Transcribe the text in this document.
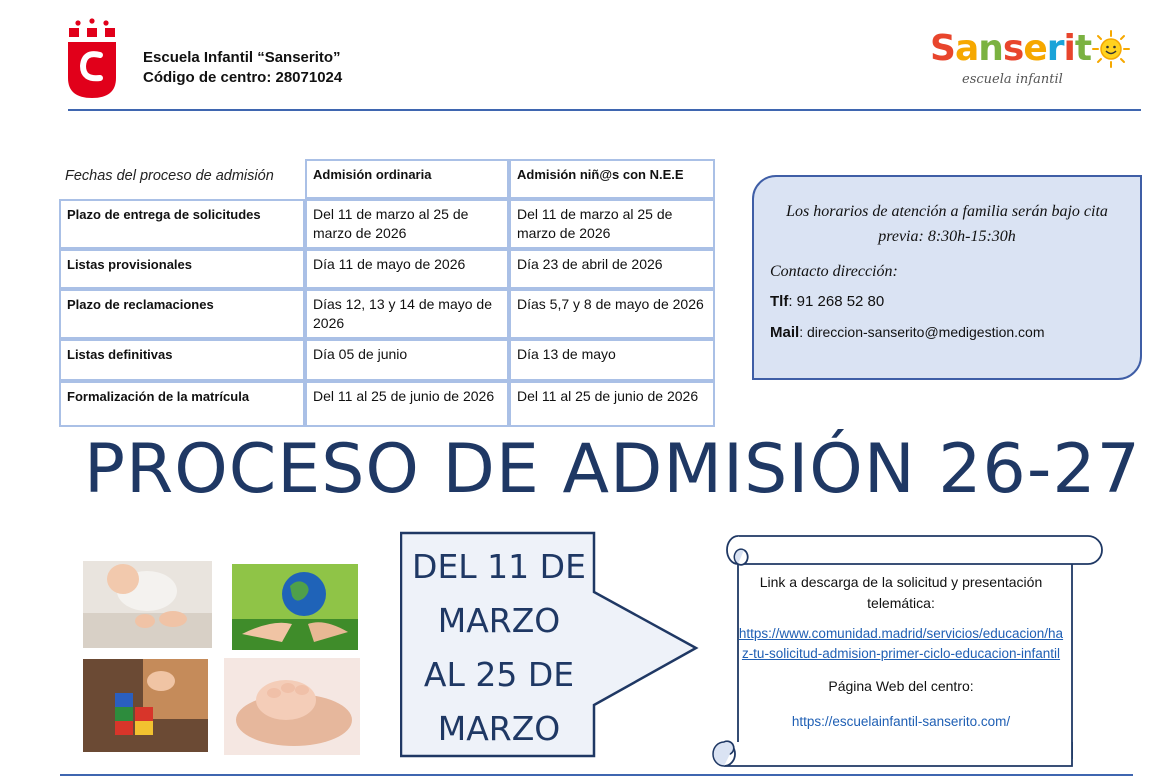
Escuela Infantil “Sanserito”
Código de centro: 28071024
Sanserit
escuela infantil
Fechas del proceso de admisión	Admisión ordinaria	Admisión niñ@s con N.E.E
Plazo de entrega de solicitudes	Del 11 de marzo al 25 de marzo de 2026	Del 11 de marzo al 25 de marzo de 2026
Listas provisionales	Día 11 de mayo de 2026	Día 23 de abril de 2026
Plazo de reclamaciones	Días 12, 13 y 14 de mayo de 2026	Días 5,7 y 8 de mayo de 2026
Listas definitivas	Día 05 de junio	Día 13 de mayo
Formalización de la matrícula	Del 11 al 25 de junio de 2026	Del 11 al 25 de junio de 2026
Los horarios de atención a familia serán bajo cita previa: 8:30h-15:30h
Contacto dirección:
Tlf: 91 268 52 80
Mail: direccion-sanserito@medigestion.com
PROCESO DE ADMISIÓN 26-27
DEL 11 DE
MARZO
AL 25 DE
MARZO
Link a descarga de la solicitud y presentación telemática:
https://www.comunidad.madrid/servicios/educacion/haz-tu-solicitud-admision-primer-ciclo-educacion-infantil
Página Web del centro:
https://escuelainfantil-sanserito.com/
